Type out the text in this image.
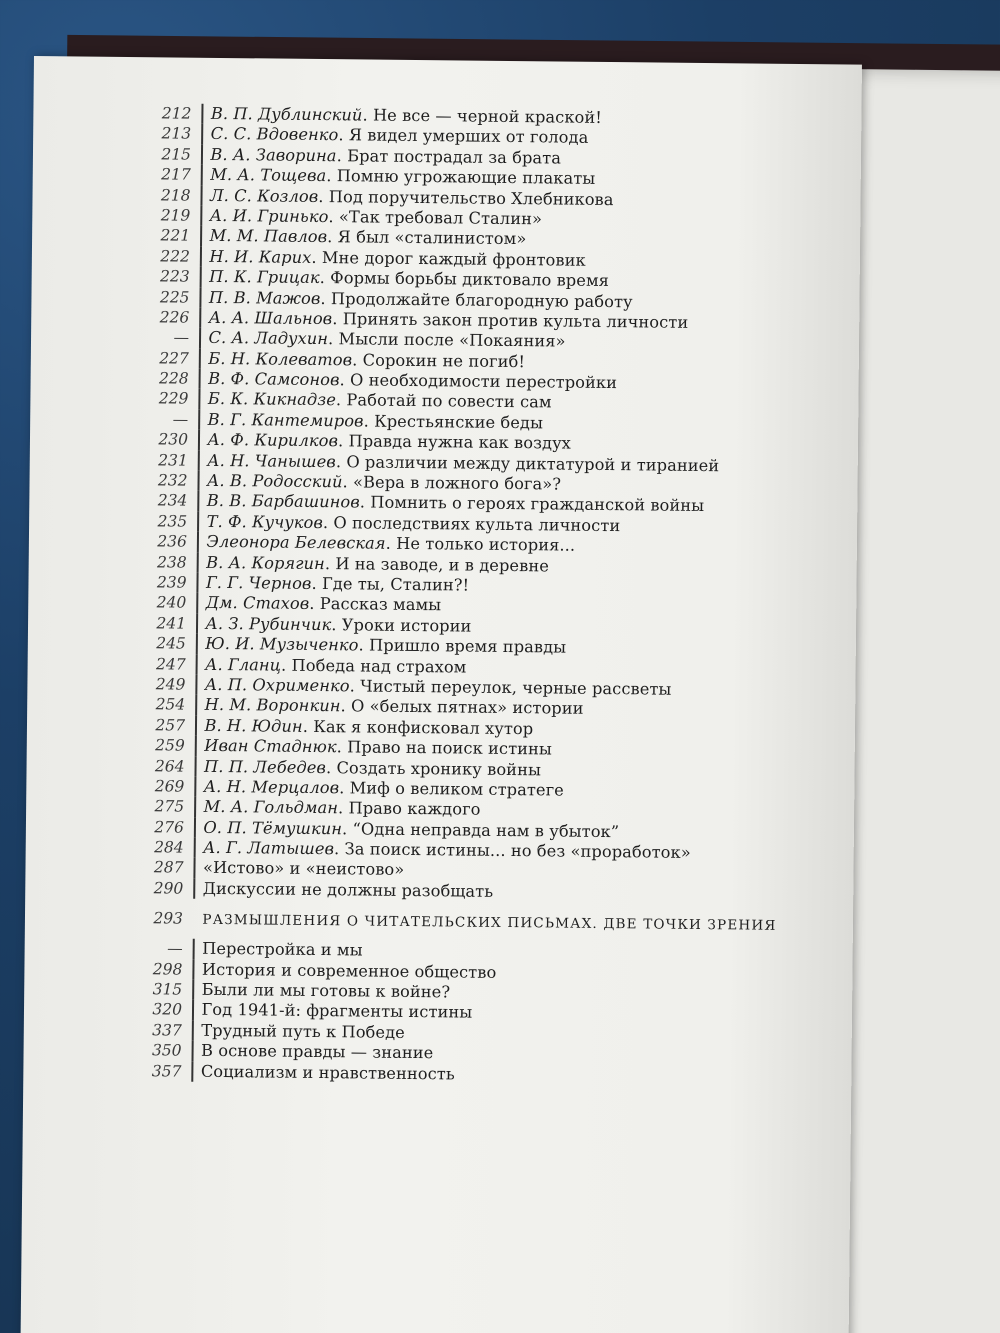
212	В. П. Дублинский. Не все — черной краской!
213	С. С. Вдовенко. Я видел умерших от голода
215	В. А. Заворина. Брат пострадал за брата
217	М. А. Тощева. Помню угрожающие плакаты
218	Л. С. Козлов. Под поручительство Хлебникова
219	А. И. Гринько. «Так требовал Сталин»
221	М. М. Павлов. Я был «сталинистом»
222	Н. И. Карих. Мне дорог каждый фронтовик
223	П. К. Грицак. Формы борьбы диктовало время
225	П. В. Мажов. Продолжайте благородную работу
226	А. А. Шальнов. Принять закон против культа личности
—	С. А. Ладухин. Мысли после «Покаяния»
227	Б. Н. Колеватов. Сорокин не погиб!
228	В. Ф. Самсонов. О необходимости перестройки
229	Б. К. Кикнадзе. Работай по совести сам
—	В. Г. Кантемиров. Крестьянские беды
230	А. Ф. Кирилков. Правда нужна как воздух
231	А. Н. Чанышев. О различии между диктатурой и тиранией
232	А. В. Родосский. «Вера в ложного бога»?
234	В. В. Барбашинов. Помнить о героях гражданской войны
235	Т. Ф. Кучуков. О последствиях культа личности
236	Элеонора Белевская. Не только история...
238	В. А. Корягин. И на заводе, и в деревне
239	Г. Г. Чернов. Где ты, Сталин?!
240	Дм. Стахов. Рассказ мамы
241	А. З. Рубинчик. Уроки истории
245	Ю. И. Музыченко. Пришло время правды
247	А. Гланц. Победа над страхом
249	А. П. Охрименко. Чистый переулок, черные рассветы
254	Н. М. Воронкин. О «белых пятнах» истории
257	В. Н. Юдин. Как я конфисковал хутор
259	Иван Стаднюк. Право на поиск истины
264	П. П. Лебедев. Создать хронику войны
269	А. Н. Мерцалов. Миф о великом стратеге
275	М. А. Гольдман. Право каждого
276	О. П. Тёмушкин. “Одна неправда нам в убыток”
284	А. Г. Латышев. За поиск истины... но без «проработок»
287	«Истово» и «неистово»
290	Дискуссии не должны разобщать
293	РАЗМЫШЛЕНИЯ О ЧИТАТЕЛЬСКИХ ПИСЬМАХ. ДВЕ ТОЧКИ ЗРЕНИЯ
—	Перестройка и мы
298	История и современное общество
315	Были ли мы готовы к войне?
320	Год 1941-й: фрагменты истины
337	Трудный путь к Победе
350	В основе правды — знание
357	Социализм и нравственность
